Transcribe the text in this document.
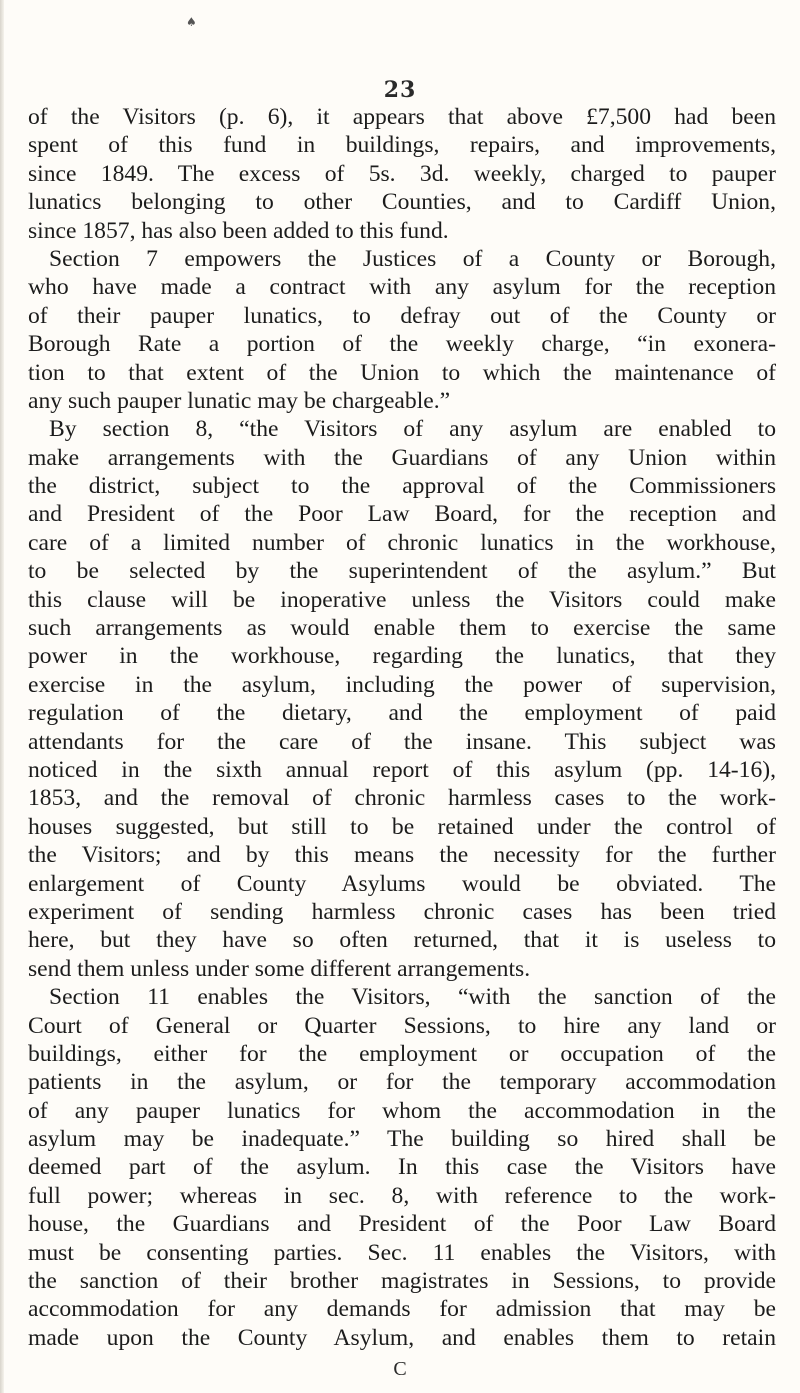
♠
23
of the Visitors (p. 6), it appears that above £7,500 had been
spent of this fund in buildings, repairs, and improvements,
since 1849. The excess of 5s. 3d. weekly, charged to pauper
lunatics belonging to other Counties, and to Cardiff Union,
since 1857, has also been added to this fund.
Section 7 empowers the Justices of a County or Borough,
who have made a contract with any asylum for the reception
of their pauper lunatics, to defray out of the County or
Borough Rate a portion of the weekly charge, “in exonera-
tion to that extent of the Union to which the maintenance of
any such pauper lunatic may be chargeable.”
By section 8, “the Visitors of any asylum are enabled to
make arrangements with the Guardians of any Union within
the district, subject to the approval of the Commissioners
and President of the Poor Law Board, for the reception and
care of a limited number of chronic lunatics in the workhouse,
to be selected by the superintendent of the asylum.” But
this clause will be inoperative unless the Visitors could make
such arrangements as would enable them to exercise the same
power in the workhouse, regarding the lunatics, that they
exercise in the asylum, including the power of supervision,
regulation of the dietary, and the employment of paid
attendants for the care of the insane. This subject was
noticed in the sixth annual report of this asylum (pp. 14-16),
1853, and the removal of chronic harmless cases to the work-
houses suggested, but still to be retained under the control of
the Visitors; and by this means the necessity for the further
enlargement of County Asylums would be obviated. The
experiment of sending harmless chronic cases has been tried
here, but they have so often returned, that it is useless to
send them unless under some different arrangements.
Section 11 enables the Visitors, “with the sanction of the
Court of General or Quarter Sessions, to hire any land or
buildings, either for the employment or occupation of the
patients in the asylum, or for the temporary accommodation
of any pauper lunatics for whom the accommodation in the
asylum may be inadequate.” The building so hired shall be
deemed part of the asylum. In this case the Visitors have
full power; whereas in sec. 8, with reference to the work-
house, the Guardians and President of the Poor Law Board
must be consenting parties. Sec. 11 enables the Visitors, with
the sanction of their brother magistrates in Sessions, to provide
accommodation for any demands for admission that may be
made upon the County Asylum, and enables them to retain
C
